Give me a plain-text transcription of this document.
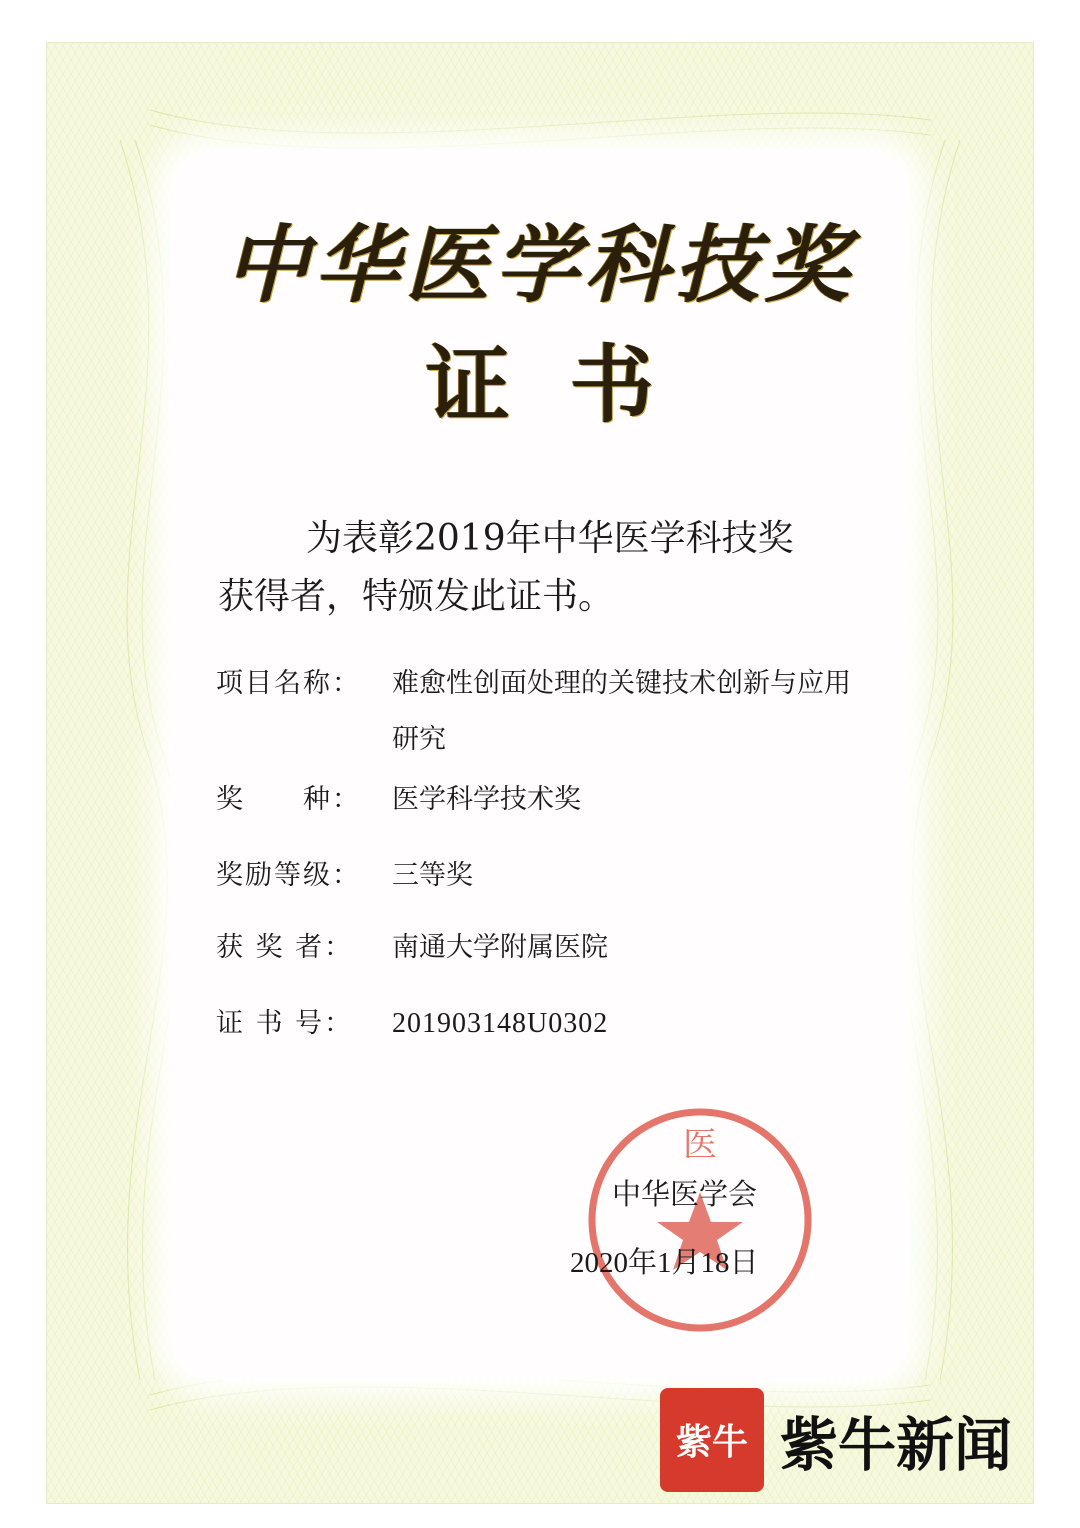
中华医学科技奖
证书
为表彰2019年中华医学科技奖
获得者，特颁发此证书。
项目名称：	难愈性创面处理的关键技术创新与应用研究
奖　　种：	医学科学技术奖
奖励等级：	三等奖
获 奖 者：	南通大学附属医院
证 书 号：	201903148U0302
医
中华医学会
2020年1月18日
紫牛 紫牛新闻
